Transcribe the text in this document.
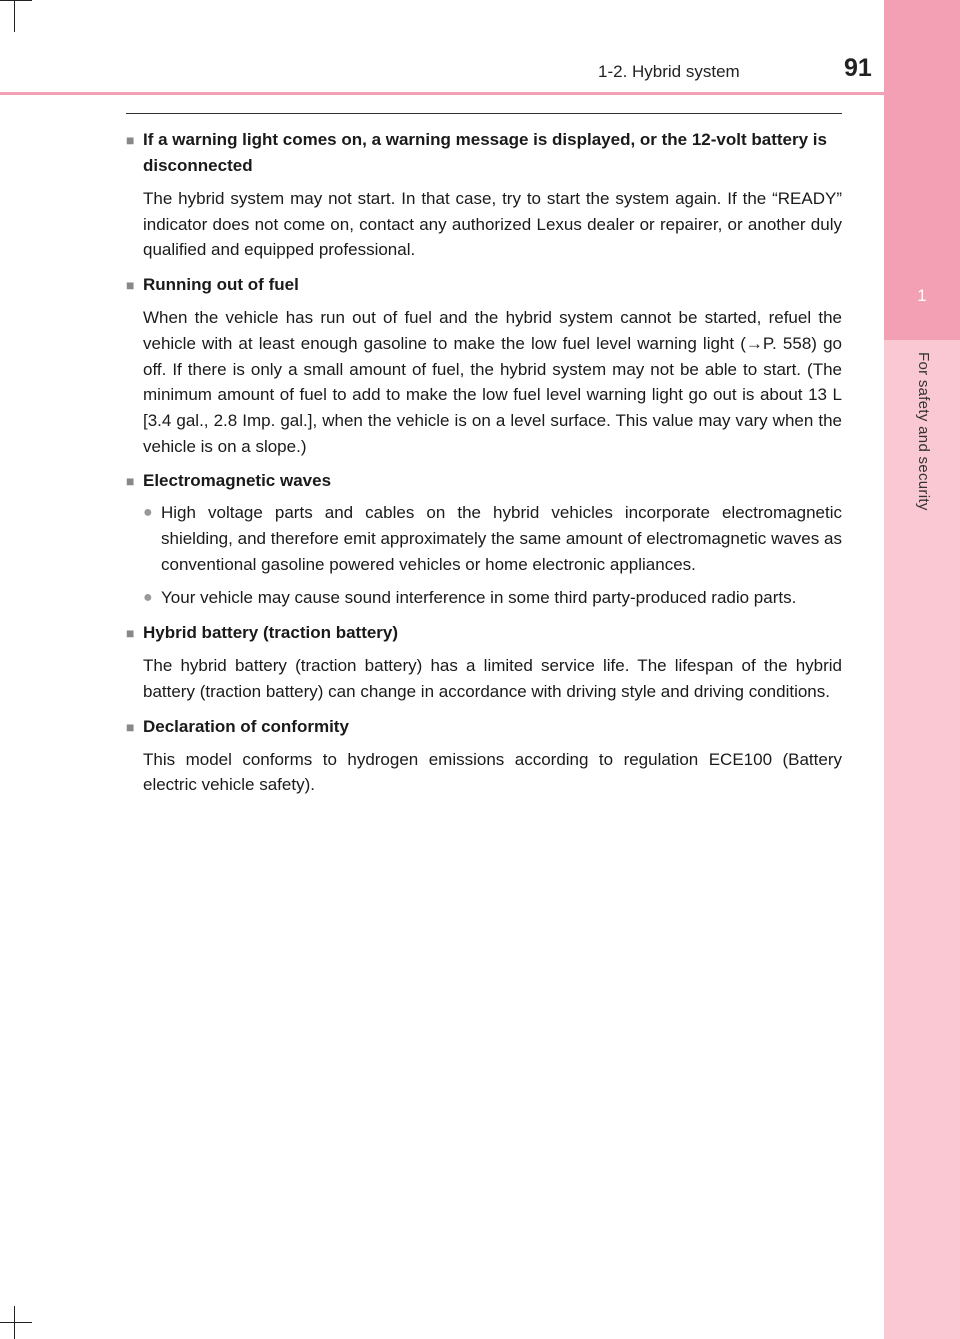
1
For safety and security
1-2. Hybrid system	91
■ If a warning light comes on, a warning message is displayed, or the 12-volt battery is disconnected
The hybrid system may not start. In that case, try to start the system again. If the “READY” indicator does not come on, contact any authorized Lexus dealer or repairer, or another duly qualified and equipped professional.
■ Running out of fuel
When the vehicle has run out of fuel and the hybrid system cannot be started, refuel the vehicle with at least enough gasoline to make the low fuel level warning light (→P. 558) go off. If there is only a small amount of fuel, the hybrid system may not be able to start. (The minimum amount of fuel to add to make the low fuel level warning light go out is about 13 L [3.4 gal., 2.8 Imp. gal.], when the vehicle is on a level surface. This value may vary when the vehicle is on a slope.)
■ Electromagnetic waves
● High voltage parts and cables on the hybrid vehicles incorporate electromagnetic shielding, and therefore emit approximately the same amount of electromagnetic waves as conventional gasoline powered vehicles or home electronic appliances.
● Your vehicle may cause sound interference in some third party-produced radio parts.
■ Hybrid battery (traction battery)
The hybrid battery (traction battery) has a limited service life. The lifespan of the hybrid battery (traction battery) can change in accordance with driving style and driving conditions.
■ Declaration of conformity
This model conforms to hydrogen emissions according to regulation ECE100 (Battery electric vehicle safety).
